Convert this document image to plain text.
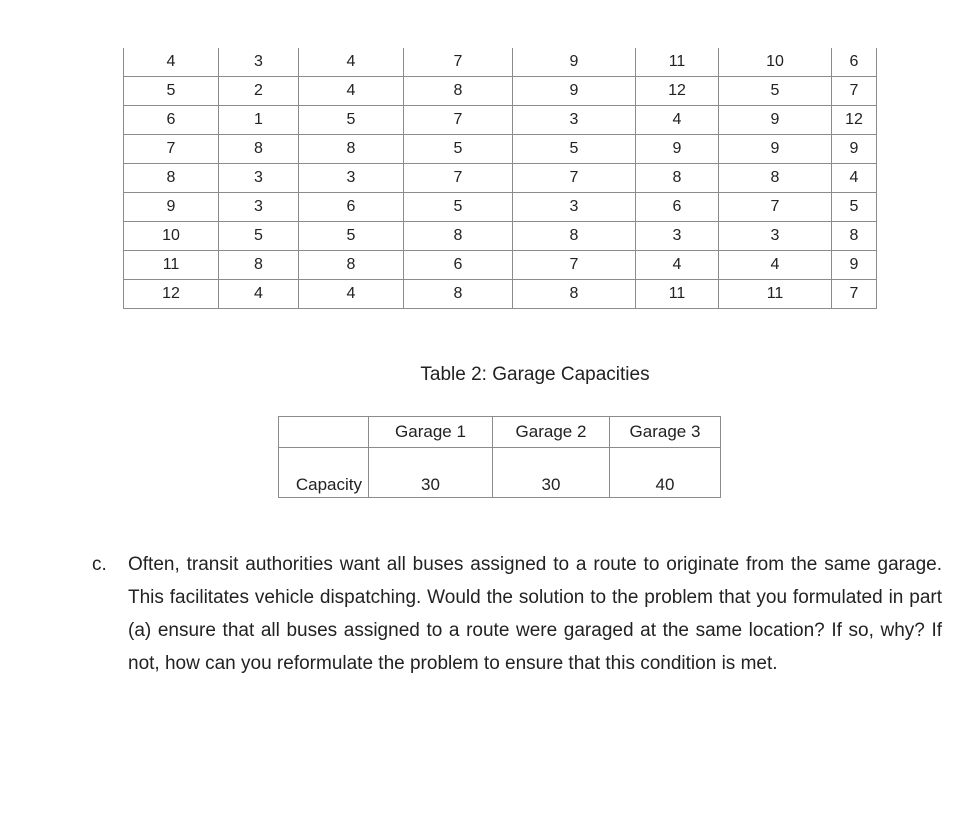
4	3	4	7	9	11	10	6
5	2	4	8	9	12	5	7
6	1	5	7	3	4	9	12
7	8	8	5	5	9	9	9
8	3	3	7	7	8	8	4
9	3	6	5	3	6	7	5
10	5	5	8	8	3	3	8
11	8	8	6	7	4	4	9
12	4	4	8	8	11	11	7
Table 2: Garage Capacities
	Garage 1	Garage 2	Garage 3
Capacity	30	30	40
c. Often, transit authorities want all buses assigned to a route to originate from the same garage. This facilitates vehicle dispatching. Would the solution to the problem that you formulated in part (a) ensure that all buses assigned to a route were garaged at the same location? If so, why? If not, how can you reformulate the problem to ensure that this condition is met.
